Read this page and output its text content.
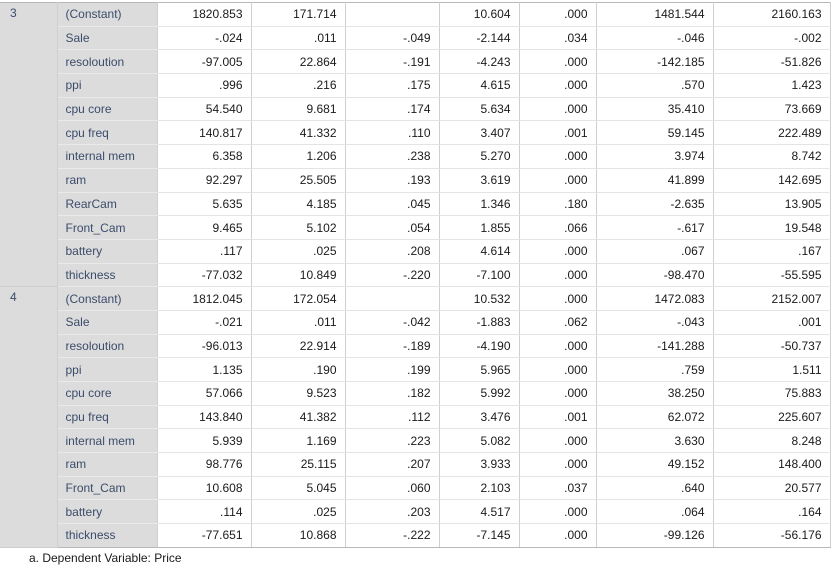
3	(Constant)	1820.853	171.714		10.604	.000	1481.544	2160.163
	Sale	-.024	.011	-.049	-2.144	.034	-.046	-.002
	resoloution	-97.005	22.864	-.191	-4.243	.000	-142.185	-51.826
	ppi	.996	.216	.175	4.615	.000	.570	1.423
	cpu core	54.540	9.681	.174	5.634	.000	35.410	73.669
	cpu freq	140.817	41.332	.110	3.407	.001	59.145	222.489
	internal mem	6.358	1.206	.238	5.270	.000	3.974	8.742
	ram	92.297	25.505	.193	3.619	.000	41.899	142.695
	RearCam	5.635	4.185	.045	1.346	.180	-2.635	13.905
	Front_Cam	9.465	5.102	.054	1.855	.066	-.617	19.548
	battery	.117	.025	.208	4.614	.000	.067	.167
	thickness	-77.032	10.849	-.220	-7.100	.000	-98.470	-55.595
4	(Constant)	1812.045	172.054		10.532	.000	1472.083	2152.007
	Sale	-.021	.011	-.042	-1.883	.062	-.043	.001
	resoloution	-96.013	22.914	-.189	-4.190	.000	-141.288	-50.737
	ppi	1.135	.190	.199	5.965	.000	.759	1.511
	cpu core	57.066	9.523	.182	5.992	.000	38.250	75.883
	cpu freq	143.840	41.382	.112	3.476	.001	62.072	225.607
	internal mem	5.939	1.169	.223	5.082	.000	3.630	8.248
	ram	98.776	25.115	.207	3.933	.000	49.152	148.400
	Front_Cam	10.608	5.045	.060	2.103	.037	.640	20.577
	battery	.114	.025	.203	4.517	.000	.064	.164
	thickness	-77.651	10.868	-.222	-7.145	.000	-99.126	-56.176
a. Dependent Variable: Price
